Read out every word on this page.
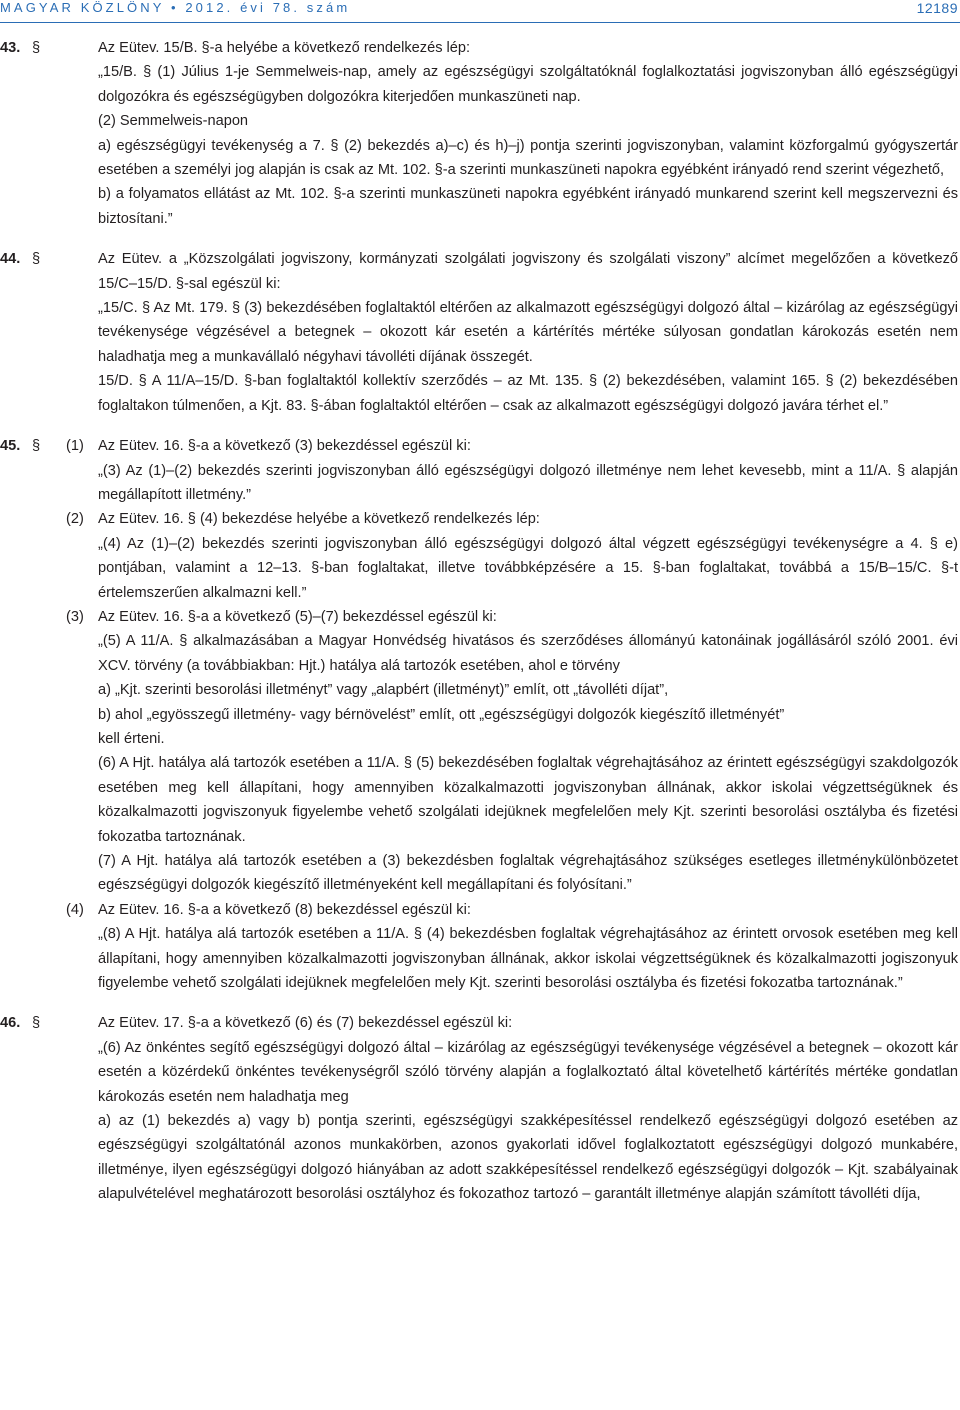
MAGYAR KÖZLÖNY • 2012. évi 78. szám	12189
43. §	Az Eütev. 15/B. §-a helyébe a következő rendelkezés lép:

„15/B. § (1) Július 1-je Semmelweis-nap, amely az egészségügyi szolgáltatóknál foglalkoztatási jogviszonyban álló egészségügyi dolgozókra és egészségügyben dolgozókra kiterjedően munkaszüneti nap.

(2) Semmelweis-napon

a) egészségügyi tevékenység a 7. § (2) bekezdés a)–c) és h)–j) pontja szerinti jogviszonyban, valamint közforgalmú gyógyszertár esetében a személyi jog alapján is csak az Mt. 102. §-a szerinti munkaszüneti napokra egyébként irányadó rend szerint végezhető,

b) a folyamatos ellátást az Mt. 102. §-a szerinti munkaszüneti napokra egyébként irányadó munkarend szerint kell megszervezni és biztosítani.”

44. §	Az Eütev. a „Közszolgálati jogviszony, kormányzati szolgálati jogviszony és szolgálati viszony” alcímet megelőzően a következő 15/C–15/D. §-sal egészül ki:

„15/C. § Az Mt. 179. § (3) bekezdésében foglaltaktól eltérően az alkalmazott egészségügyi dolgozó által – kizárólag az egészségügyi tevékenysége végzésével a betegnek – okozott kár esetén a kártérítés mértéke súlyosan gondatlan károkozás esetén nem haladhatja meg a munkavállaló négyhavi távolléti díjának összegét.

15/D. § A 11/A–15/D. §-ban foglaltaktól kollektív szerződés – az Mt. 135. § (2) bekezdésében, valamint 165. § (2) bekezdésében foglaltakon túlmenően, a Kjt. 83. §-ában foglaltaktól eltérően – csak az alkalmazott egészségügyi dolgozó javára térhet el.”

45. § (1) Az Eütev. 16. §-a a következő (3) bekezdéssel egészül ki:

„(3) Az (1)–(2) bekezdés szerinti jogviszonyban álló egészségügyi dolgozó illetménye nem lehet kevesebb, mint a 11/A. § alapján megállapított illetmény.”

(2) Az Eütev. 16. § (4) bekezdése helyébe a következő rendelkezés lép:

„(4) Az (1)–(2) bekezdés szerinti jogviszonyban álló egészségügyi dolgozó által végzett egészségügyi tevékenységre a 4. § e) pontjában, valamint a 12–13. §-ban foglaltakat, illetve továbbképzésére a 15. §-ban foglaltakat, továbbá a 15/B–15/C. §-t értelemszerűen alkalmazni kell.”

(3) Az Eütev. 16. §-a a következő (5)–(7) bekezdéssel egészül ki:

„(5) A 11/A. § alkalmazásában a Magyar Honvédség hivatásos és szerződéses állományú katonáinak jogállásáról szóló 2001. évi XCV. törvény (a továbbiakban: Hjt.) hatálya alá tartozók esetében, ahol e törvény

a) „Kjt. szerinti besorolási illetményt” vagy „alapbért (illetményt)” említ, ott „távolléti díjat”,

b) ahol „egyösszegű illetmény- vagy bérnövelést” említ, ott „egészségügyi dolgozók kiegészítő illetményét”

kell érteni.

(6) A Hjt. hatálya alá tartozók esetében a 11/A. § (5) bekezdésében foglaltak végrehajtásához az érintett egészségügyi szakdolgozók esetében meg kell állapítani, hogy amennyiben közalkalmazotti jogviszonyban állnának, akkor iskolai végzettségüknek és közalkalmazotti jogviszonyuk figyelembe vehető szolgálati idejüknek megfelelően mely Kjt. szerinti besorolási osztályba és fizetési fokozatba tartoznának.

(7) A Hjt. hatálya alá tartozók esetében a (3) bekezdésben foglaltak végrehajtásához szükséges esetleges illetménykülönbözetet egészségügyi dolgozók kiegészítő illetményeként kell megállapítani és folyósítani.”

(4) Az Eütev. 16. §-a a következő (8) bekezdéssel egészül ki:

„(8) A Hjt. hatálya alá tartozók esetében a 11/A. § (4) bekezdésben foglaltak végrehajtásához az érintett orvosok esetében meg kell állapítani, hogy amennyiben közalkalmazotti jogviszonyban állnának, akkor iskolai végzettségüknek és közalkalmazotti jogiszonyuk figyelembe vehető szolgálati idejüknek megfelelően mely Kjt. szerinti besorolási osztályba és fizetési fokozatba tartoznának.”

46. §	Az Eütev. 17. §-a a következő (6) és (7) bekezdéssel egészül ki:

„(6) Az önkéntes segítő egészségügyi dolgozó által – kizárólag az egészségügyi tevékenysége végzésével a betegnek – okozott kár esetén a közérdekű önkéntes tevékenységről szóló törvény alapján a foglalkoztató által követelhető kártérítés mértéke gondatlan károkozás esetén nem haladhatja meg

a) az (1) bekezdés a) vagy b) pontja szerinti, egészségügyi szakképesítéssel rendelkező egészségügyi dolgozó esetében az egészségügyi szolgáltatónál azonos munkakörben, azonos gyakorlati idővel foglalkoztatott egészségügyi dolgozó munkabére, illetménye, ilyen egészségügyi dolgozó hiányában az adott szakképesítéssel rendelkező egészségügyi dolgozók – Kjt. szabályainak alapulvételével meghatározott besorolási osztályhoz és fokozathoz tartozó – garantált illetménye alapján számított távolléti díja,
